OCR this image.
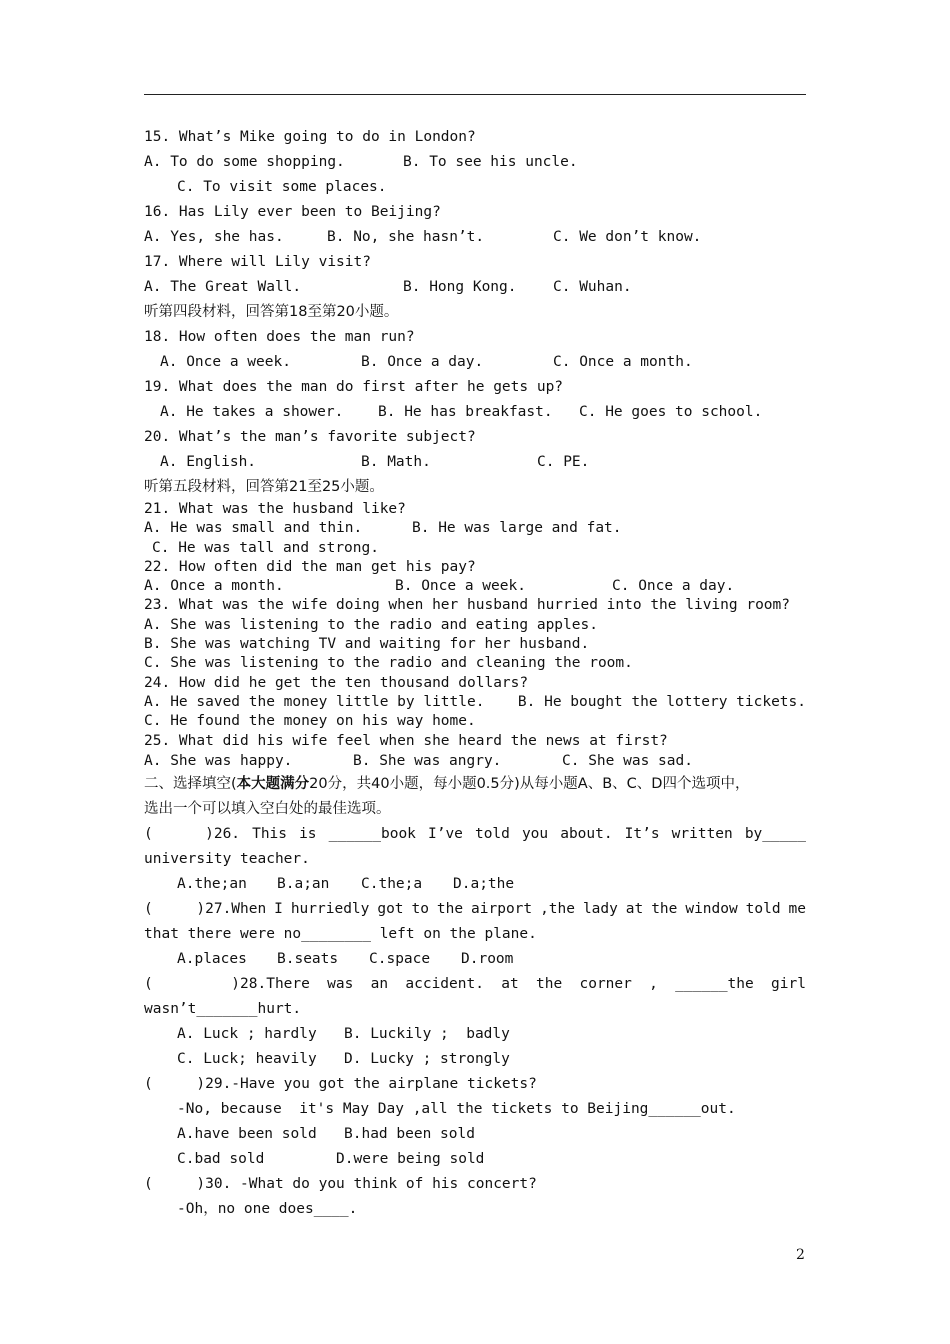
15. What’s Mike going to do in London?
A. To do some shopping.	B. To see his uncle.
C. To visit some places.
16. Has Lily ever been to Beijing?
A. Yes, she has.	B. No, she hasn’t.	C. We don’t know.
17. Where will Lily visit?
A. The Great Wall.	B. Hong Kong.	C. Wuhan.
听第四段材料，回答第18至第20小题。
18. How often does the man run?
A. Once a week.	B. Once a day.	C. Once a month.
19. What does the man do first after he gets up?
A. He takes a shower.	B. He has breakfast.	C. He goes to school.
20. What’s the man’s favorite subject?
A. English.	B. Math.	C. PE.
听第五段材料，回答第21至25小题。
21. What was the husband like?
A. He was small and thin.	B. He was large and fat.
C. He was tall and strong.
22. How often did the man get his pay?
A. Once a month.	B. Once a week.	C. Once a day.
23. What was the wife doing when her husband hurried into the living room?
A. She was listening to the radio and eating apples.
B. She was watching TV and waiting for her husband.
C. She was listening to the radio and cleaning the room.
24. How did he get the ten thousand dollars?
A. He saved the money little by little.	B. He bought the lottery tickets.
C. He found the money on his way home.
25. What did his wife feel when she heard the news at first?
A. She was happy.	B. She was angry.	C. She was sad.
二、选择填空(本大题满分20分，共40小题，每小题0.5分)从每小题A、B、C、D四个选项中，
选出一个可以填入空白处的最佳选项。
(      )26. This is ______book I’ve told you about. It’s written by_____
university teacher.
A.the;an	B.a;an	C.the;a	D.a;the
(     )27.When I hurriedly got to the airport ,the lady at the window told me
that there were no________ left on the plane.
A.places	B.seats	C.space	D.room
(         )28.There was an accident. at the corner , ______the girl
wasn’t_______hurt.
A. Luck ; hardly	B. Luckily ;  badly
C. Luck; heavily	D. Lucky ; strongly
(     )29.-Have you got the airplane tickets?
-No, because  it's May Day ,all the tickets to Beijing______out.
A.have been sold	B.had been sold
C.bad sold	D.were being sold
(     )30. -What do you think of his concert?
-Oh，no one does____.
2
